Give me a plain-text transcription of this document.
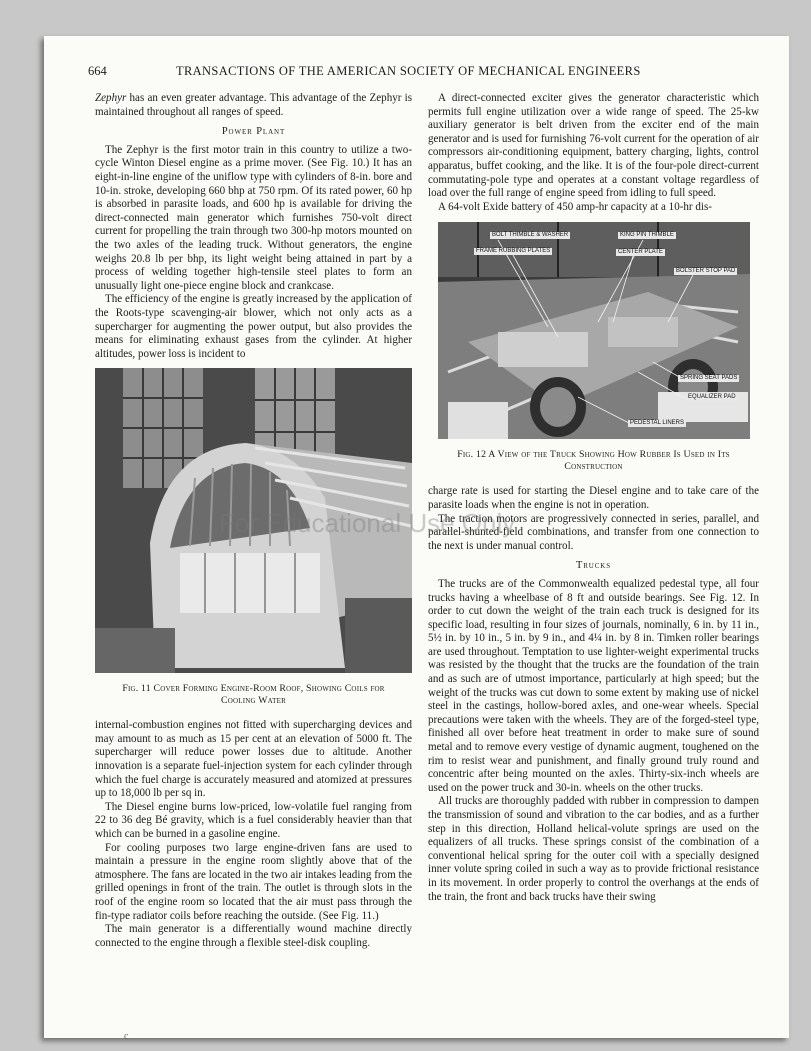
664	TRANSACTIONS OF THE AMERICAN SOCIETY OF MECHANICAL ENGINEERS

Zephyr has an even greater advantage. This advantage of the Zephyr is maintained throughout all ranges of speed.

Power Plant

The Zephyr is the first motor train in this country to utilize a two-cycle Winton Diesel engine as a prime mover. (See Fig. 10.) It has an eight-in-line engine of the uniflow type with cylinders of 8-in. bore and 10-in. stroke, developing 660 bhp at 750 rpm. Of its rated power, 60 hp is absorbed in parasite loads, and 600 hp is available for driving the direct-connected main generator which furnishes 750-volt direct current for propelling the train through two 300-hp motors mounted on the two axles of the leading truck. Without generators, the engine weighs 20.8 lb per bhp, its light weight being attained in part by a process of welding together high-tensile steel plates to form an unusually light one-piece engine block and crankcase.

The efficiency of the engine is greatly increased by the application of the Roots-type scavenging-air blower, which not only acts as a supercharger for augmenting the power output, but also provides the means for eliminating exhaust gases from the cylinder. At higher altitudes, power loss is incident to

Fig. 11 Cover Forming Engine-Room Roof, Showing Coils for Cooling Water

internal-combustion engines not fitted with supercharging devices and may amount to as much as 15 per cent at an elevation of 5000 ft. The supercharger will reduce power losses due to altitude. Another innovation is a separate fuel-injection system for each cylinder through which the fuel charge is accurately measured and atomized at pressures up to 18,000 lb per sq in.

The Diesel engine burns low-priced, low-volatile fuel ranging from 22 to 36 deg Bé gravity, which is a fuel considerably heavier than that which can be burned in a gasoline engine.

For cooling purposes two large engine-driven fans are used to maintain a pressure in the engine room slightly above that of the atmosphere. The fans are located in the two air intakes leading from the grilled openings in front of the train. The outlet is through slots in the roof of the engine room so located that the air must pass through the fin-type radiator coils before reaching the outside. (See Fig. 11.)

The main generator is a differentially wound machine directly connected to the engine through a flexible steel-disk coupling.

A direct-connected exciter gives the generator characteristic which permits full engine utilization over a wide range of speed. The 25-kw auxiliary generator is belt driven from the exciter end of the main generator and is used for furnishing 76-volt current for the operation of air compressors air-conditioning equipment, battery charging, lights, control apparatus, buffet cooking, and the like. It is of the four-pole direct-current commutating-pole type and operates at a constant voltage regardless of load over the full range of engine speed from idling to full speed.

A 64-volt Exide battery of 450 amp-hr capacity at a 10-hr dis-

BOLT THIMBLE & WASHER	KING PIN THIMBLE
FRAME RUBBING PLATES	CENTER PLATE
BOLSTER STOP PAD
SPRING SEAT PADS
EQUALIZER PAD
PEDESTAL LINERS
Fig. 12 A View of the Truck Showing How Rubber Is Used in Its Construction

charge rate is used for starting the Diesel engine and to take care of the parasite loads when the engine is not in operation.

The traction motors are progressively connected in series, parallel, and parallel-shunted-field combinations, and transfer from one connection to the next is under manual control.

Trucks

The trucks are of the Commonwealth equalized pedestal type, all four trucks having a wheelbase of 8 ft and outside bearings. See Fig. 12. In order to cut down the weight of the train each truck is designed for its specific load, resulting in four sizes of journals, nominally, 6 in. by 11 in., 5½ in. by 10 in., 5 in. by 9 in., and 4¼ in. by 8 in. Timken roller bearings are used throughout. Temptation to use lighter-weight experimental trucks was resisted by the thought that the trucks are the foundation of the train and as such are of utmost importance, particularly at high speed; but the weight of the trucks was cut down to some extent by making use of nickel steel in the castings, hollow-bored axles, and one-wear wheels. Special precautions were taken with the wheels. They are of the forged-steel type, finished all over before heat treatment in order to make sure of sound metal and to remove every vestige of dynamic augment, toughened on the rim to resist wear and punishment, and finally ground truly round and concentric after being mounted on the axles. Thirty-six-inch wheels are used on the power truck and 30-in. wheels on the other trucks.

All trucks are thoroughly padded with rubber in compression to dampen the transmission of sound and vibration to the car bodies, and as a further step in this direction, Holland helical-volute springs are used on the equalizers of all trucks. These springs consist of the combination of a conventional helical spring for the outer coil with a specially designed inner volute spring coiled in such a way as to provide frictional resistance in its movement. In order properly to control the overhangs at the ends of the train, the front and back trucks have their swing

For Educational Use Only
c
